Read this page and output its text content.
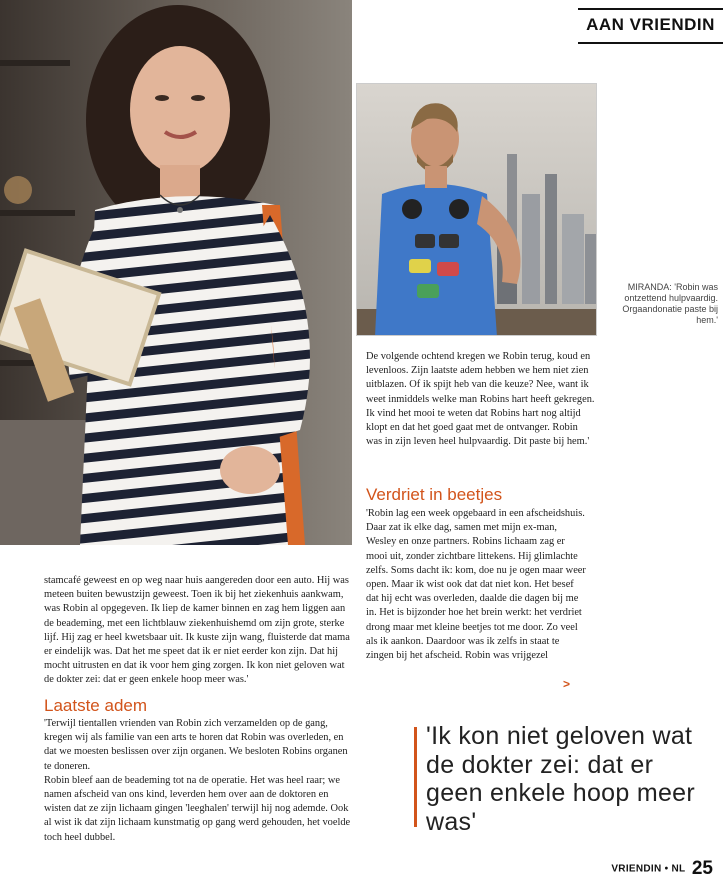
AAN VRIENDIN
MIRANDA: 'Robin was ontzettend hulpvaardig. Orgaandonatie paste bij hem.'

De volgende ochtend kregen we Robin terug, koud en levenloos. Zijn laatste adem hebben we hem niet zien uitblazen. Of ik spijt heb van die keuze? Nee, want ik weet inmiddels welke man Robins hart heeft gekregen. Ik vind het mooi te weten dat Robins hart nog altijd klopt en dat het goed gaat met de ontvanger. Robin was in zijn leven heel hulpvaardig. Dit paste bij hem.'

Verdriet in beetjes

'Robin lag een week opgebaard in een afscheidshuis. Daar zat ik elke dag, samen met mijn ex-man, Wesley en onze partners. Robins lichaam zag er mooi uit, zonder zichtbare littekens. Hij glimlachte zelfs. Soms dacht ik: kom, doe nu je ogen maar weer open. Maar ik wist ook dat dat niet kon. Het besef dat hij echt was overleden, daalde die dagen bij me in. Het is bijzonder hoe het brein werkt: het verdriet drong maar met kleine beetjes tot me door. Zo veel als ik aankon. Daardoor was ik zelfs in staat te zingen bij het afscheid. Robin was vrijgezel

>

stamcafé geweest en op weg naar huis aangereden door een auto. Hij was meteen buiten bewustzijn geweest. Toen ik bij het ziekenhuis aankwam, was Robin al opgegeven. Ik liep de kamer binnen en zag hem liggen aan de beademing, met een lichtblauw ziekenhuishemd om zijn grote, sterke lijf. Hij zag er heel kwetsbaar uit. Ik kuste zijn wang, fluisterde dat mama er eindelijk was. Dat het me speet dat ik er niet eerder kon zijn. Dat hij mocht uitrusten en dat ik voor hem ging zorgen. Ik kon niet geloven wat de dokter zei: dat er geen enkele hoop meer was.'

Laatste adem

'Terwijl tientallen vrienden van Robin zich verzamelden op de gang, kregen wij als familie van een arts te horen dat Robin was overleden, en dat we moesten beslissen over zijn organen. We besloten Robins organen te doneren.

Robin bleef aan de beademing tot na de operatie. Het was heel raar; we namen afscheid van ons kind, leverden hem over aan de doktoren en wisten dat ze zijn lichaam gingen 'leeghalen' terwijl hij nog ademde. Ook al wist ik dat zijn lichaam kunstmatig op gang werd gehouden, het voelde toch heel dubbel.

'Ik kon niet geloven wat de dokter zei: dat er geen enkele hoop meer was'
VRIENDIN • NL 25
